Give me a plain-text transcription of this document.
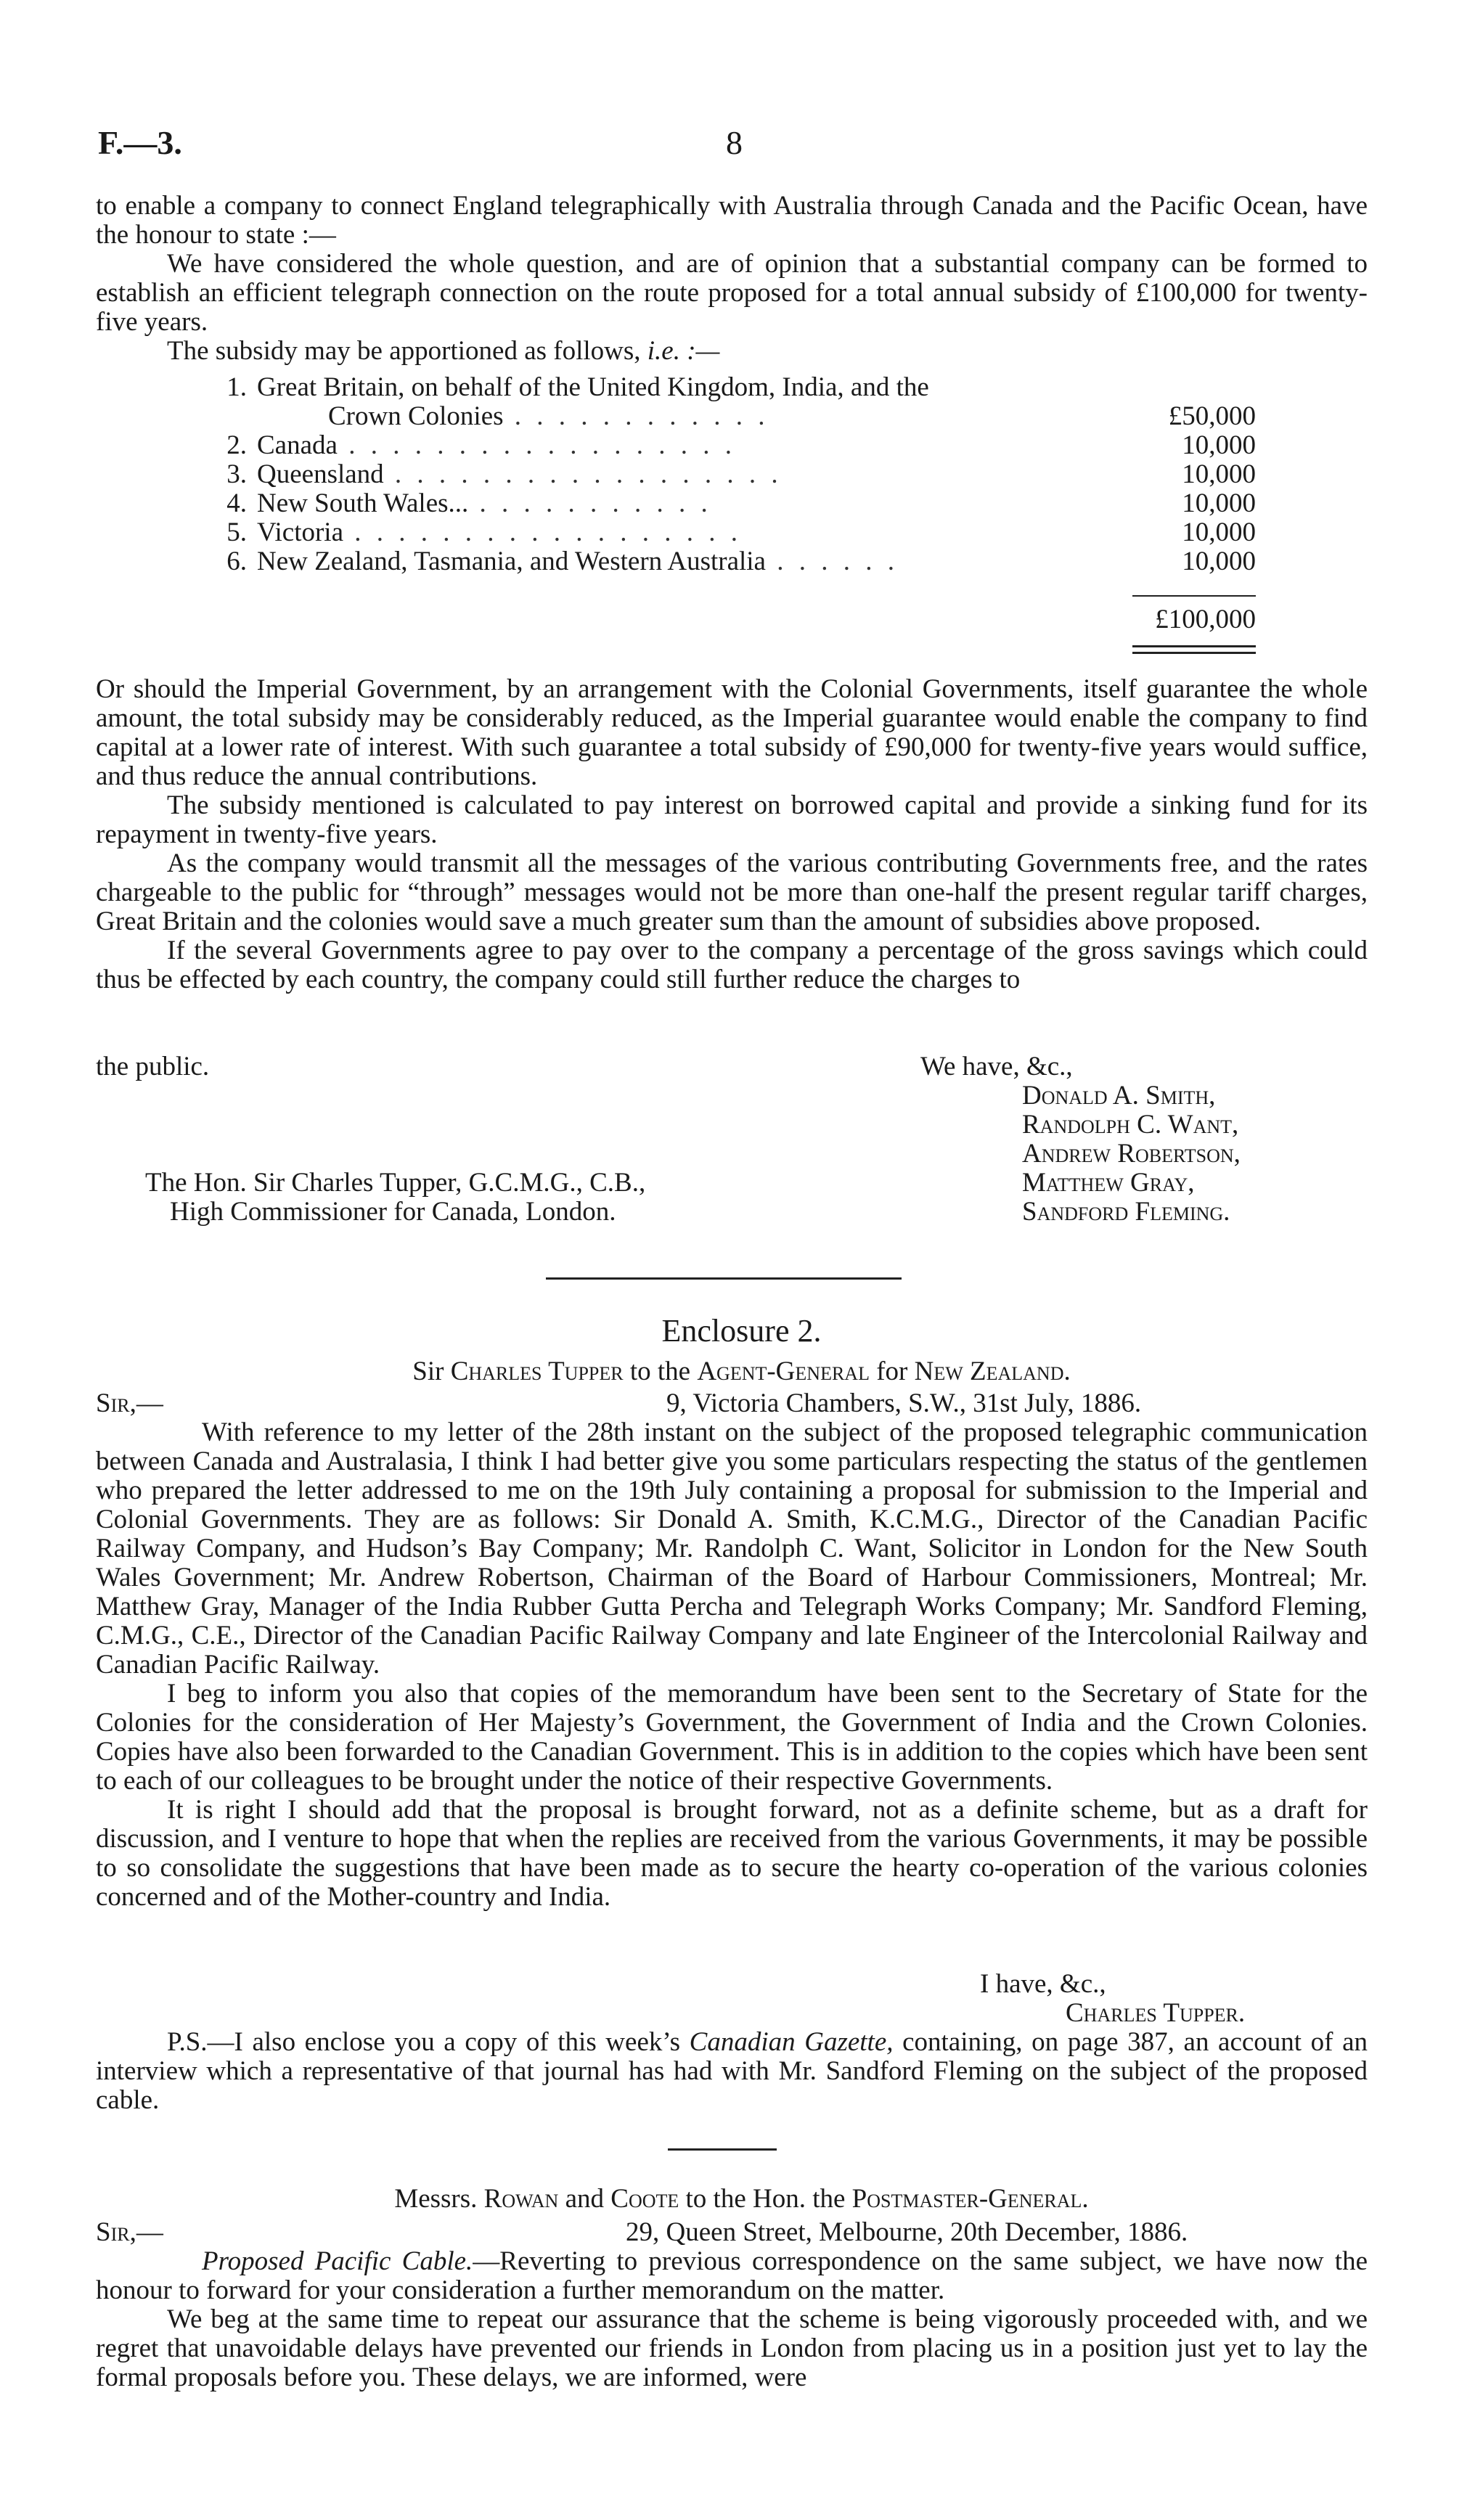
F.—3.	8

to enable a company to connect England telegraphically with Australia through Canada and the Pacific Ocean, have the honour to state :—

We have considered the whole question, and are of opinion that a substantial company can be formed to establish an efficient telegraph connection on the route proposed for a total annual subsidy of £100,000 for twenty-five years.

The subsidy may be apportioned as follows, i.e. :—

1. Great Britain, on behalf of the United Kingdom, India, and the
Crown Colonies . . . . . . . . . . . .	£50,000
2. Canada . . . . . . . . . . . . . . . . . .	10,000
3. Queensland . . . . . . . . . . . . . . . . . .	10,000
4. New South Wales... . . . . . . . . . . .	10,000
5. Victoria . . . . . . . . . . . . . . . . . .	10,000
6. New Zealand, Tasmania, and Western Australia . . . . . .	10,000
£100,000

Or should the Imperial Government, by an arrangement with the Colonial Governments, itself guarantee the whole amount, the total subsidy may be considerably reduced, as the Imperial guarantee would enable the company to find capital at a lower rate of interest. With such guarantee a total subsidy of £90,000 for twenty-five years would suffice, and thus reduce the annual contributions.

The subsidy mentioned is calculated to pay interest on borrowed capital and provide a sinking fund for its repayment in twenty-five years.

As the company would transmit all the messages of the various contributing Governments free, and the rates chargeable to the public for “through” messages would not be more than one-half the present regular tariff charges, Great Britain and the colonies would save a much greater sum than the amount of subsidies above proposed.

If the several Governments agree to pay over to the company a percentage of the gross savings which could thus be effected by each country, the company could still further reduce the charges to

the public.	We have, &c.,
Donald A. Smith,
Randolph C. Want,
Andrew Robertson,
Matthew Gray,
Sandford Fleming.
The Hon. Sir Charles Tupper, G.C.M.G., C.B.,
High Commissioner for Canada, London.
Enclosure 2.
Sir Charles Tupper to the Agent-General for New Zealand.
Sir,—	9, Victoria Chambers, S.W., 31st July, 1886.

With reference to my letter of the 28th instant on the subject of the proposed telegraphic communication between Canada and Australasia, I think I had better give you some particulars respecting the status of the gentlemen who prepared the letter addressed to me on the 19th July containing a proposal for submission to the Imperial and Colonial Governments. They are as follows: Sir Donald A. Smith, K.C.M.G., Director of the Canadian Pacific Railway Company, and Hudson’s Bay Company; Mr. Randolph C. Want, Solicitor in London for the New South Wales Government; Mr. Andrew Robertson, Chairman of the Board of Harbour Commissioners, Montreal; Mr. Matthew Gray, Manager of the India Rubber Gutta Percha and Telegraph Works Company; Mr. Sandford Fleming, C.M.G., C.E., Director of the Canadian Pacific Railway Company and late Engineer of the Intercolonial Railway and Canadian Pacific Railway.

I beg to inform you also that copies of the memorandum have been sent to the Secretary of State for the Colonies for the consideration of Her Majesty’s Government, the Government of India and the Crown Colonies. Copies have also been forwarded to the Canadian Government. This is in addition to the copies which have been sent to each of our colleagues to be brought under the notice of their respective Governments.

It is right I should add that the proposal is brought forward, not as a definite scheme, but as a draft for discussion, and I venture to hope that when the replies are received from the various Governments, it may be possible to so consolidate the suggestions that have been made as to secure the hearty co-operation of the various colonies concerned and of the Mother-country and India.

I have, &c.,
Charles Tupper.

P.S.—I also enclose you a copy of this week’s Canadian Gazette, containing, on page 387, an account of an interview which a representative of that journal has had with Mr. Sandford Fleming on the subject of the proposed cable.

Messrs. Rowan and Coote to the Hon. the Postmaster-General.
Sir,—	29, Queen Street, Melbourne, 20th December, 1886.

Proposed Pacific Cable.—Reverting to previous correspondence on the same subject, we have now the honour to forward for your consideration a further memorandum on the matter.

We beg at the same time to repeat our assurance that the scheme is being vigorously proceeded with, and we regret that unavoidable delays have prevented our friends in London from placing us in a position just yet to lay the formal proposals before you. These delays, we are informed, were
